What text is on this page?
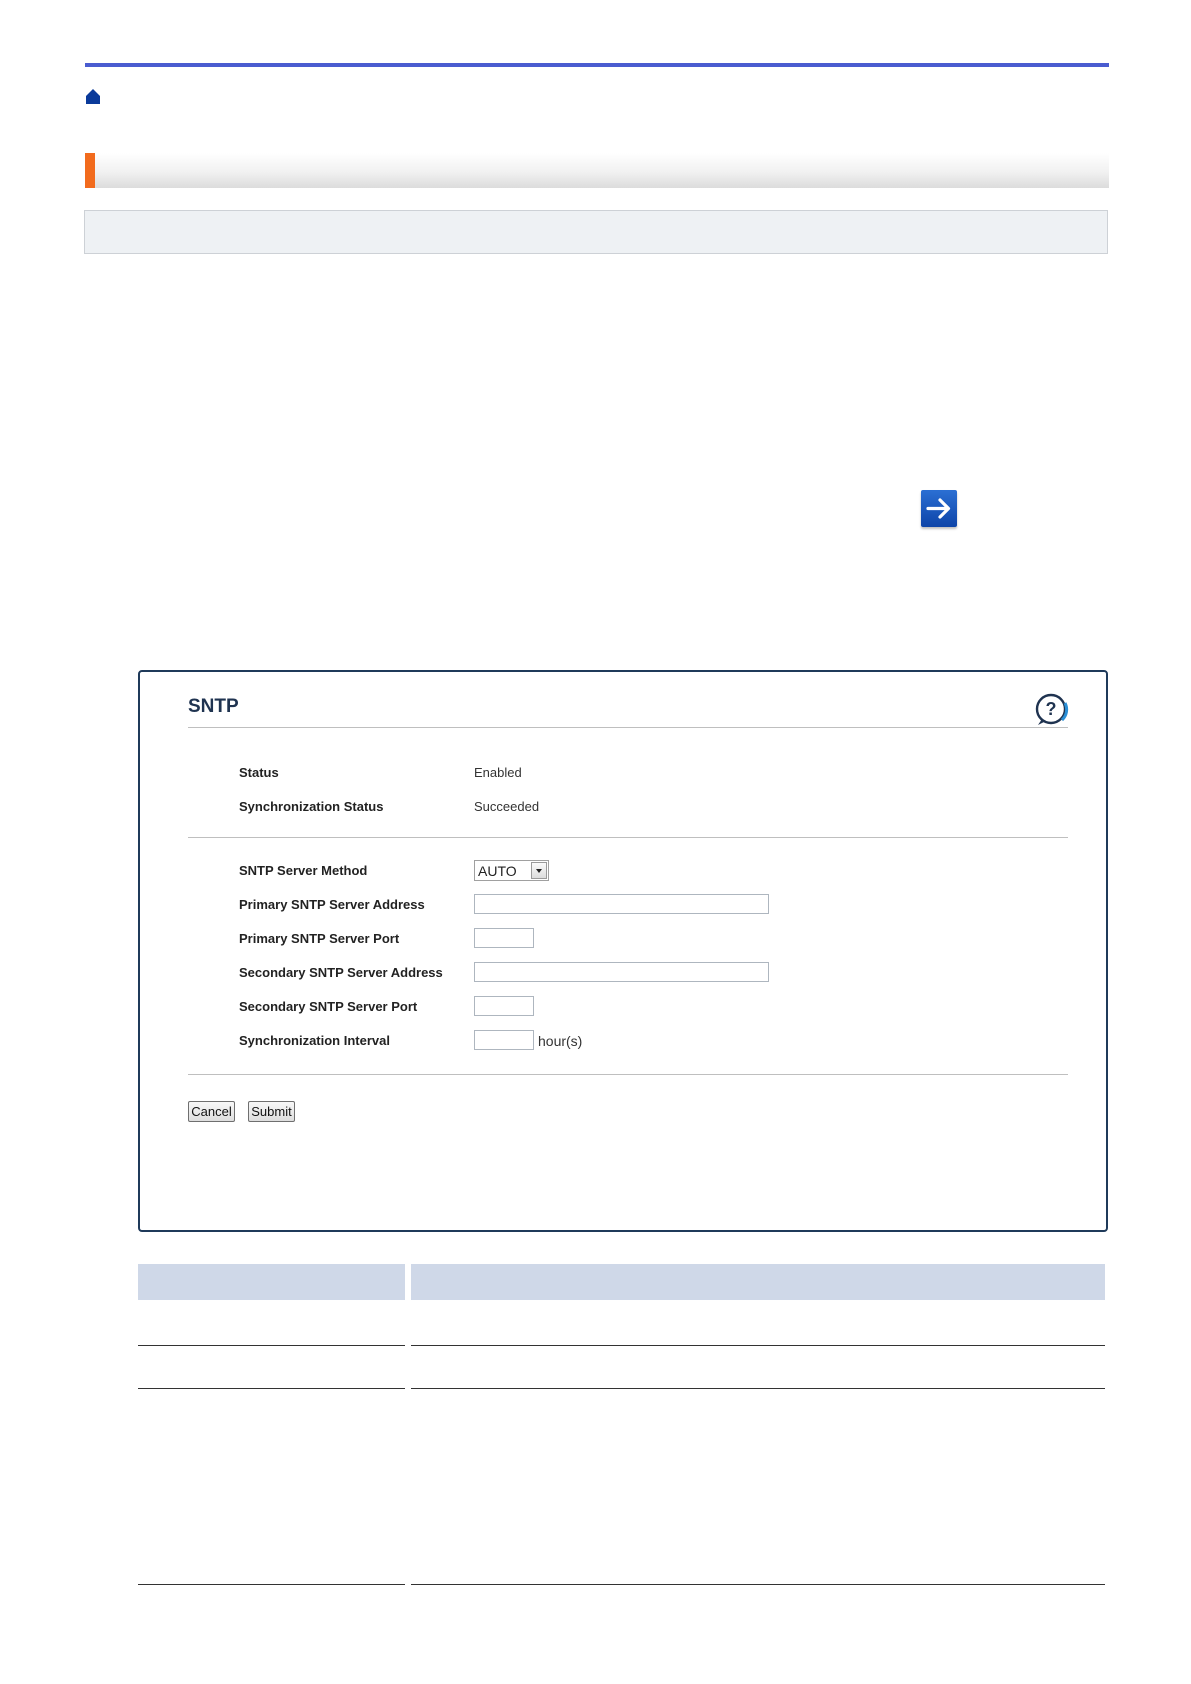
SNTP	?
Status	Enabled
Synchronization Status	Succeeded
SNTP Server Method	AUTO
Primary SNTP Server Address
Primary SNTP Server Port
Secondary SNTP Server Address
Secondary SNTP Server Port
Synchronization Interval	hour(s)
Cancel Submit
